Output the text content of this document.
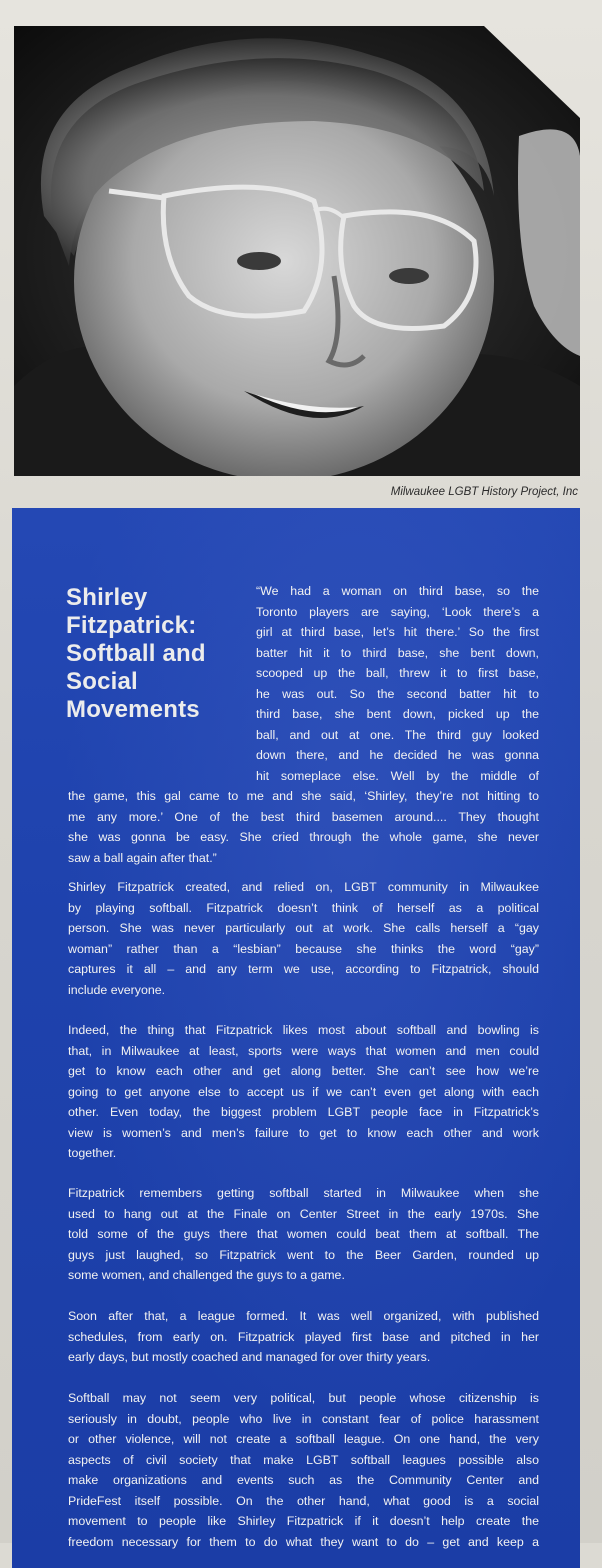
Milwaukee LGBT History Project, Inc
Shirley
Fitzpatrick:
Softball and
Social
Movements
“We had a woman on third base, so the
Toronto players are saying, ‘Look there’s a
girl at third base, let’s hit there.’ So the first
batter hit it to third base, she bent down,
scooped up the ball, threw it to first base,
he was out. So the second batter hit to
third base, she bent down, picked up the
ball, and out at one. The third guy looked
down there, and he decided he was gonna
hit someplace else. Well by the middle of
the game, this gal came to me and she said, ‘Shirley, they’re not hitting to
me any more.’ One of the best third basemen around.... They thought
she was gonna be easy. She cried through the whole game, she never
saw a ball again after that.”
Shirley Fitzpatrick created, and relied on, LGBT community in Milwaukee
by playing softball. Fitzpatrick doesn’t think of herself as a political
person. She was never particularly out at work. She calls herself a “gay
woman” rather than a “lesbian” because she thinks the word “gay”
captures it all – and any term we use, according to Fitzpatrick, should
include everyone.
Indeed, the thing that Fitzpatrick likes most about softball and bowling is
that, in Milwaukee at least, sports were ways that women and men could
get to know each other and get along better. She can’t see how we’re
going to get anyone else to accept us if we can’t even get along with each
other. Even today, the biggest problem LGBT people face in Fitzpatrick’s
view is women’s and men’s failure to get to know each other and work
together.
Fitzpatrick remembers getting softball started in Milwaukee when she
used to hang out at the Finale on Center Street in the early 1970s. She
told some of the guys there that women could beat them at softball. The
guys just laughed, so Fitzpatrick went to the Beer Garden, rounded up
some women, and challenged the guys to a game.
Soon after that, a league formed. It was well organized, with published
schedules, from early on. Fitzpatrick played first base and pitched in her
early days, but mostly coached and managed for over thirty years.
Softball may not seem very political, but people whose citizenship is
seriously in doubt, people who live in constant fear of police harassment
or other violence, will not create a softball league. On one hand, the very
aspects of civil society that make LGBT softball leagues possible also
make organizations and events such as the Community Center and
PrideFest itself possible. On the other hand, what good is a social
movement to people like Shirley Fitzpatrick if it doesn’t help create the
freedom necessary for them to do what they want to do – get and keep a
